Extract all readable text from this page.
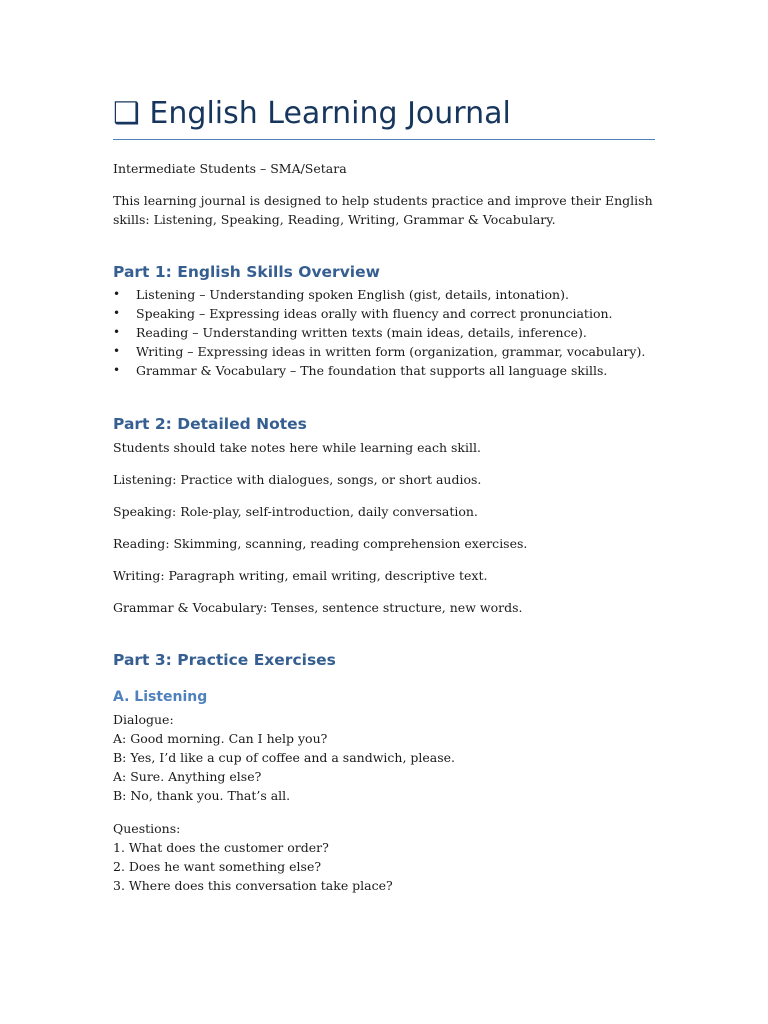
❑ English Learning Journal
Intermediate Students – SMA/Setara
This learning journal is designed to help students practice and improve their English skills: Listening, Speaking, Reading, Writing, Grammar & Vocabulary.
Part 1: English Skills Overview
• Listening – Understanding spoken English (gist, details, intonation).
• Speaking – Expressing ideas orally with fluency and correct pronunciation.
• Reading – Understanding written texts (main ideas, details, inference).
• Writing – Expressing ideas in written form (organization, grammar, vocabulary).
• Grammar & Vocabulary – The foundation that supports all language skills.
Part 2: Detailed Notes
Students should take notes here while learning each skill.
Listening: Practice with dialogues, songs, or short audios.
Speaking: Role-play, self-introduction, daily conversation.
Reading: Skimming, scanning, reading comprehension exercises.
Writing: Paragraph writing, email writing, descriptive text.
Grammar & Vocabulary: Tenses, sentence structure, new words.
Part 3: Practice Exercises
A. Listening
Dialogue:
A: Good morning. Can I help you?
B: Yes, I’d like a cup of coffee and a sandwich, please.
A: Sure. Anything else?
B: No, thank you. That’s all.
Questions:
1. What does the customer order?
2. Does he want something else?
3. Where does this conversation take place?
